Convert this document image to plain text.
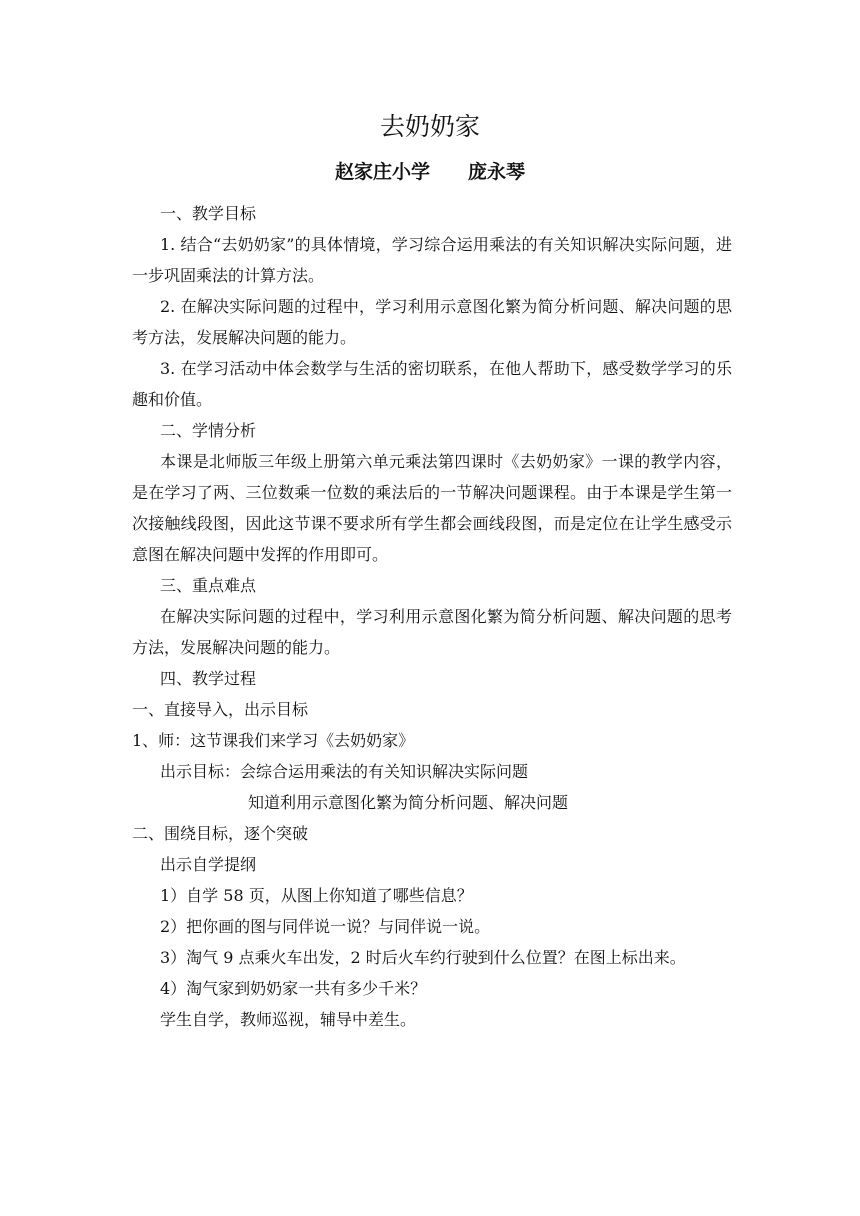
去奶奶家
赵家庄小学 庞永琴

一、教学目标

1. 结合“去奶奶家”的具体情境，学习综合运用乘法的有关知识解决实际问题，进一步巩固乘法的计算方法。

2. 在解决实际问题的过程中，学习利用示意图化繁为简分析问题、解决问题的思考方法，发展解决问题的能力。

3. 在学习活动中体会数学与生活的密切联系，在他人帮助下，感受数学学习的乐趣和价值。

二、学情分析

本课是北师版三年级上册第六单元乘法第四课时《去奶奶家》一课的教学内容，是在学习了两、三位数乘一位数的乘法后的一节解决问题课程。由于本课是学生第一次接触线段图，因此这节课不要求所有学生都会画线段图，而是定位在让学生感受示意图在解决问题中发挥的作用即可。

三、重点难点

在解决实际问题的过程中，学习利用示意图化繁为简分析问题、解决问题的思考方法，发展解决问题的能力。

四、教学过程

一、直接导入，出示目标

1、师：这节课我们来学习《去奶奶家》

出示目标：会综合运用乘法的有关知识解决实际问题

知道利用示意图化繁为简分析问题、解决问题

二、围绕目标，逐个突破

出示自学提纲

1）自学 58 页，从图上你知道了哪些信息？

2）把你画的图与同伴说一说？与同伴说一说。

3）淘气 9 点乘火车出发，2 时后火车约行驶到什么位置？在图上标出来。

4）淘气家到奶奶家一共有多少千米？

学生自学，教师巡视，辅导中差生。
